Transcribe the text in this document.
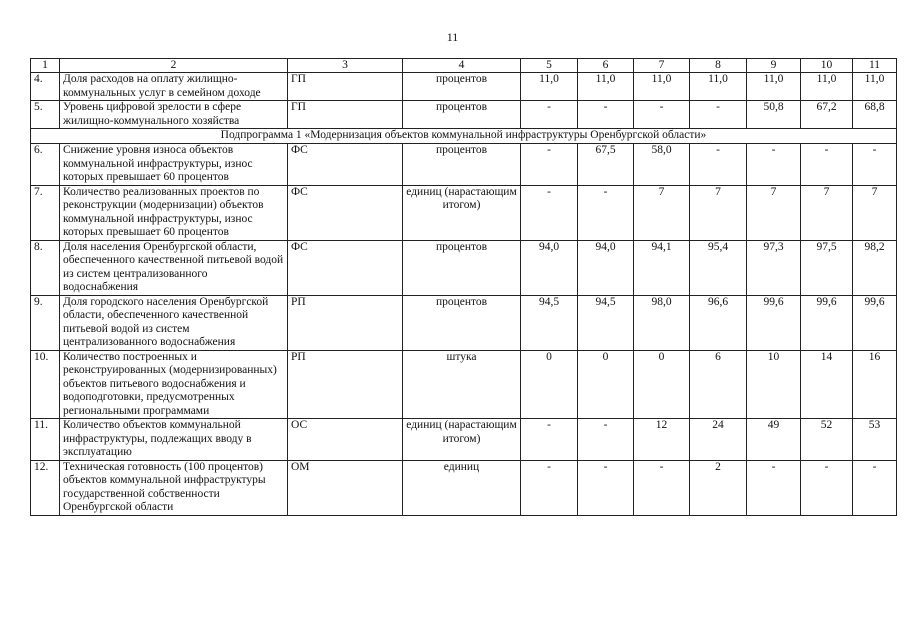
11
1	2	3	4	5	6	7	8	9	10	11
4.	Доля расходов на оплату жилищно-коммунальных услуг в семейном доходе	ГП	процентов	11,0	11,0	11,0	11,0	11,0	11,0	11,0
5.	Уровень цифровой зрелости в сфере жилищно-коммунального хозяйства	ГП	процентов	-	-	-	-	50,8	67,2	68,8
Подпрограмма 1 «Модернизация объектов коммунальной инфраструктуры Оренбургской области»										
6.	Снижение уровня износа объектов коммунальной инфраструктуры, износ которых превышает 60 процентов	ФС	процентов	-	67,5	58,0	-	-	-	-
7.	Количество реализованных проектов по реконструкции (модернизации) объектов коммунальной инфраструктуры, износ которых превышает 60 процентов	ФС	единиц (нарастающим итогом)	-	-	7	7	7	7	7
8.	Доля населения Оренбургской области, обеспеченного качественной питьевой водой из систем централизованного водоснабжения	ФС	процентов	94,0	94,0	94,1	95,4	97,3	97,5	98,2
9.	Доля городского населения Оренбургской области, обеспеченного качественной питьевой водой из систем централизованного водоснабжения	РП	процентов	94,5	94,5	98,0	96,6	99,6	99,6	99,6
10.	Количество построенных и реконструированных (модернизированных) объектов питьевого водоснабжения и водоподготовки, предусмотренных региональными программами	РП	штука	0	0	0	6	10	14	16
11.	Количество объектов коммунальной инфраструктуры, подлежащих вводу в эксплуатацию	ОС	единиц (нарастающим итогом)	-	-	12	24	49	52	53
12.	Техническая готовность (100 процентов) объектов коммунальной инфраструктуры государственной собственности Оренбургской области	ОМ	единиц	-	-	-	2	-	-	-
